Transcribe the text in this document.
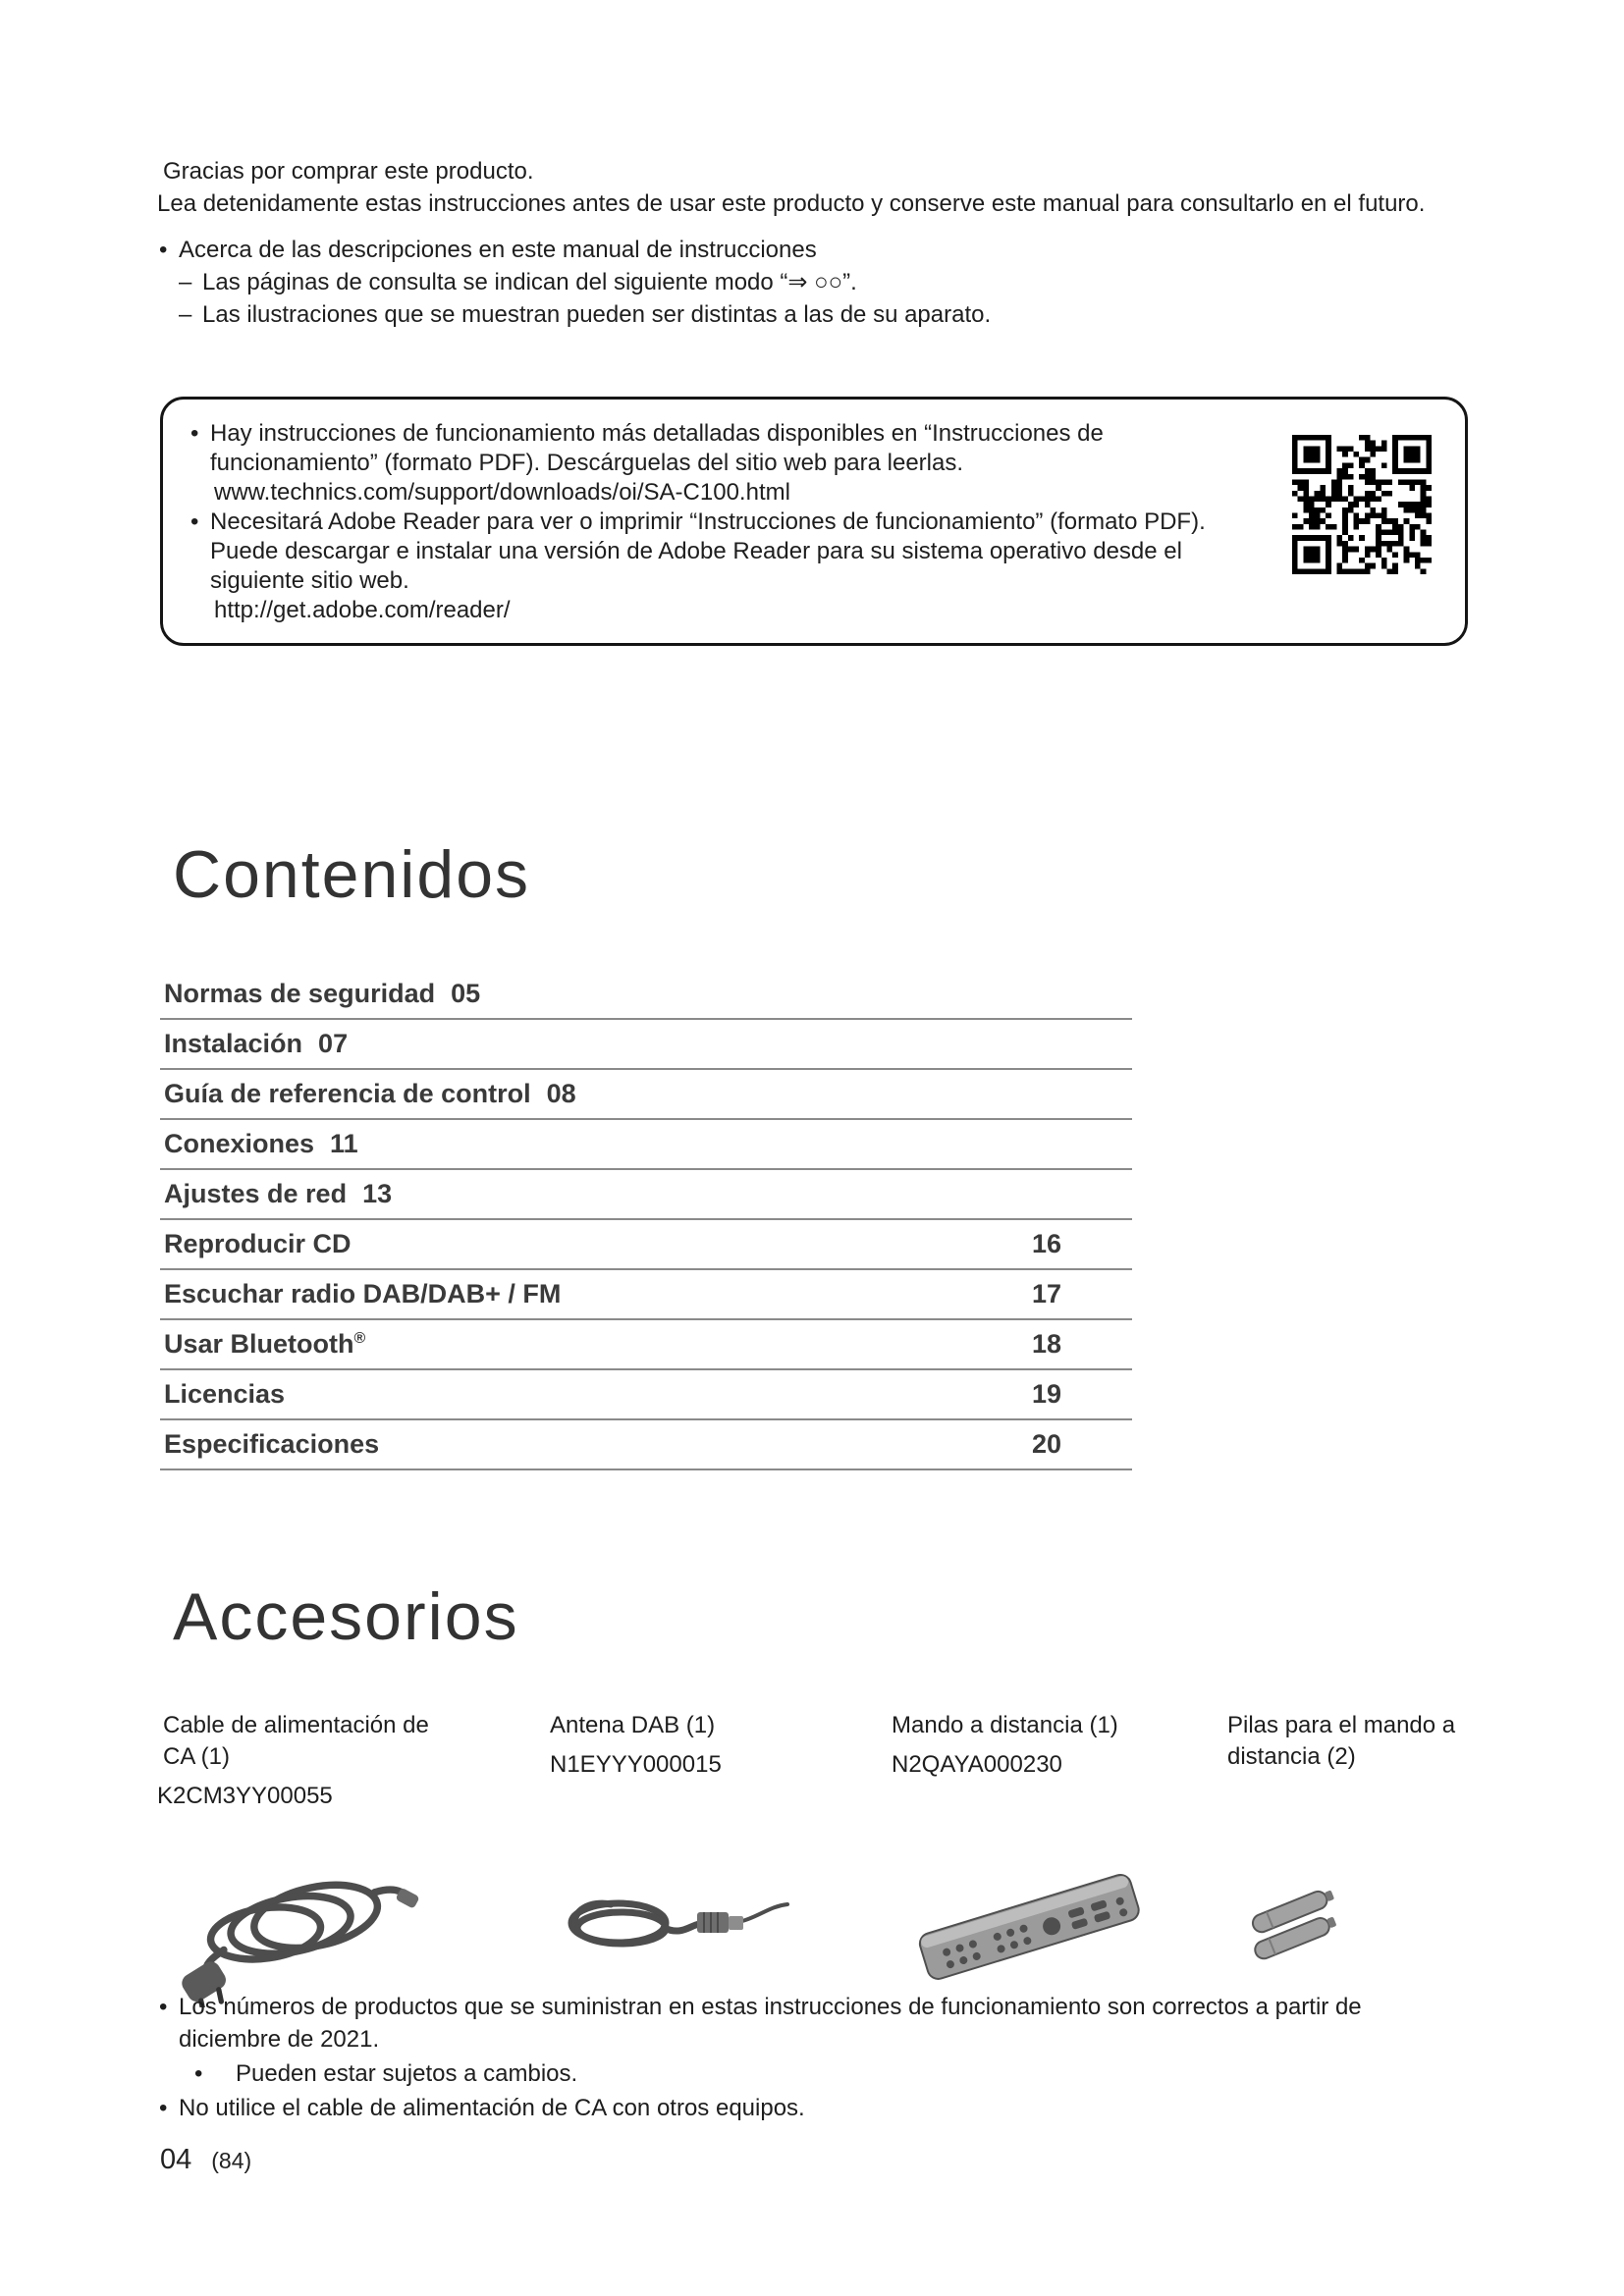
Gracias por comprar este producto.
Lea detenidamente estas instrucciones antes de usar este producto y conserve este manual para consultarlo en el futuro.
• Acerca de las descripciones en este manual de instrucciones
– Las páginas de consulta se indican del siguiente modo “⇒ ○○”.
– Las ilustraciones que se muestran pueden ser distintas a las de su aparato.
• Hay instrucciones de funcionamiento más detalladas disponibles en “Instrucciones de funcionamiento” (formato PDF). Descárguelas del sitio web para leerlas.
www.technics.com/support/downloads/oi/SA-C100.html
• Necesitará Adobe Reader para ver o imprimir “Instrucciones de funcionamiento” (formato PDF). Puede descargar e instalar una versión de Adobe Reader para su sistema operativo desde el siguiente sitio web.
http://get.adobe.com/reader/
Contenidos
Normas de seguridad 05
Instalación 07
Guía de referencia de control 08
Conexiones 11
Ajustes de red 13
Reproducir CD	16
Escuchar radio DAB/DAB+ / FM	17
Usar Bluetooth®	18
Licencias	19
Especificaciones	20
Accesorios
Cable de alimentación de CA (1)
K2CM3YY00055
Antena DAB (1)
N1EYYY000015
Mando a distancia (1)
N2QAYA000230
Pilas para el mando a distancia (2)
• Los números de productos que se suministran en estas instrucciones de funcionamiento son correctos a partir de diciembre de 2021.
• Pueden estar sujetos a cambios.
• No utilice el cable de alimentación de CA con otros equipos.
04 (84)
